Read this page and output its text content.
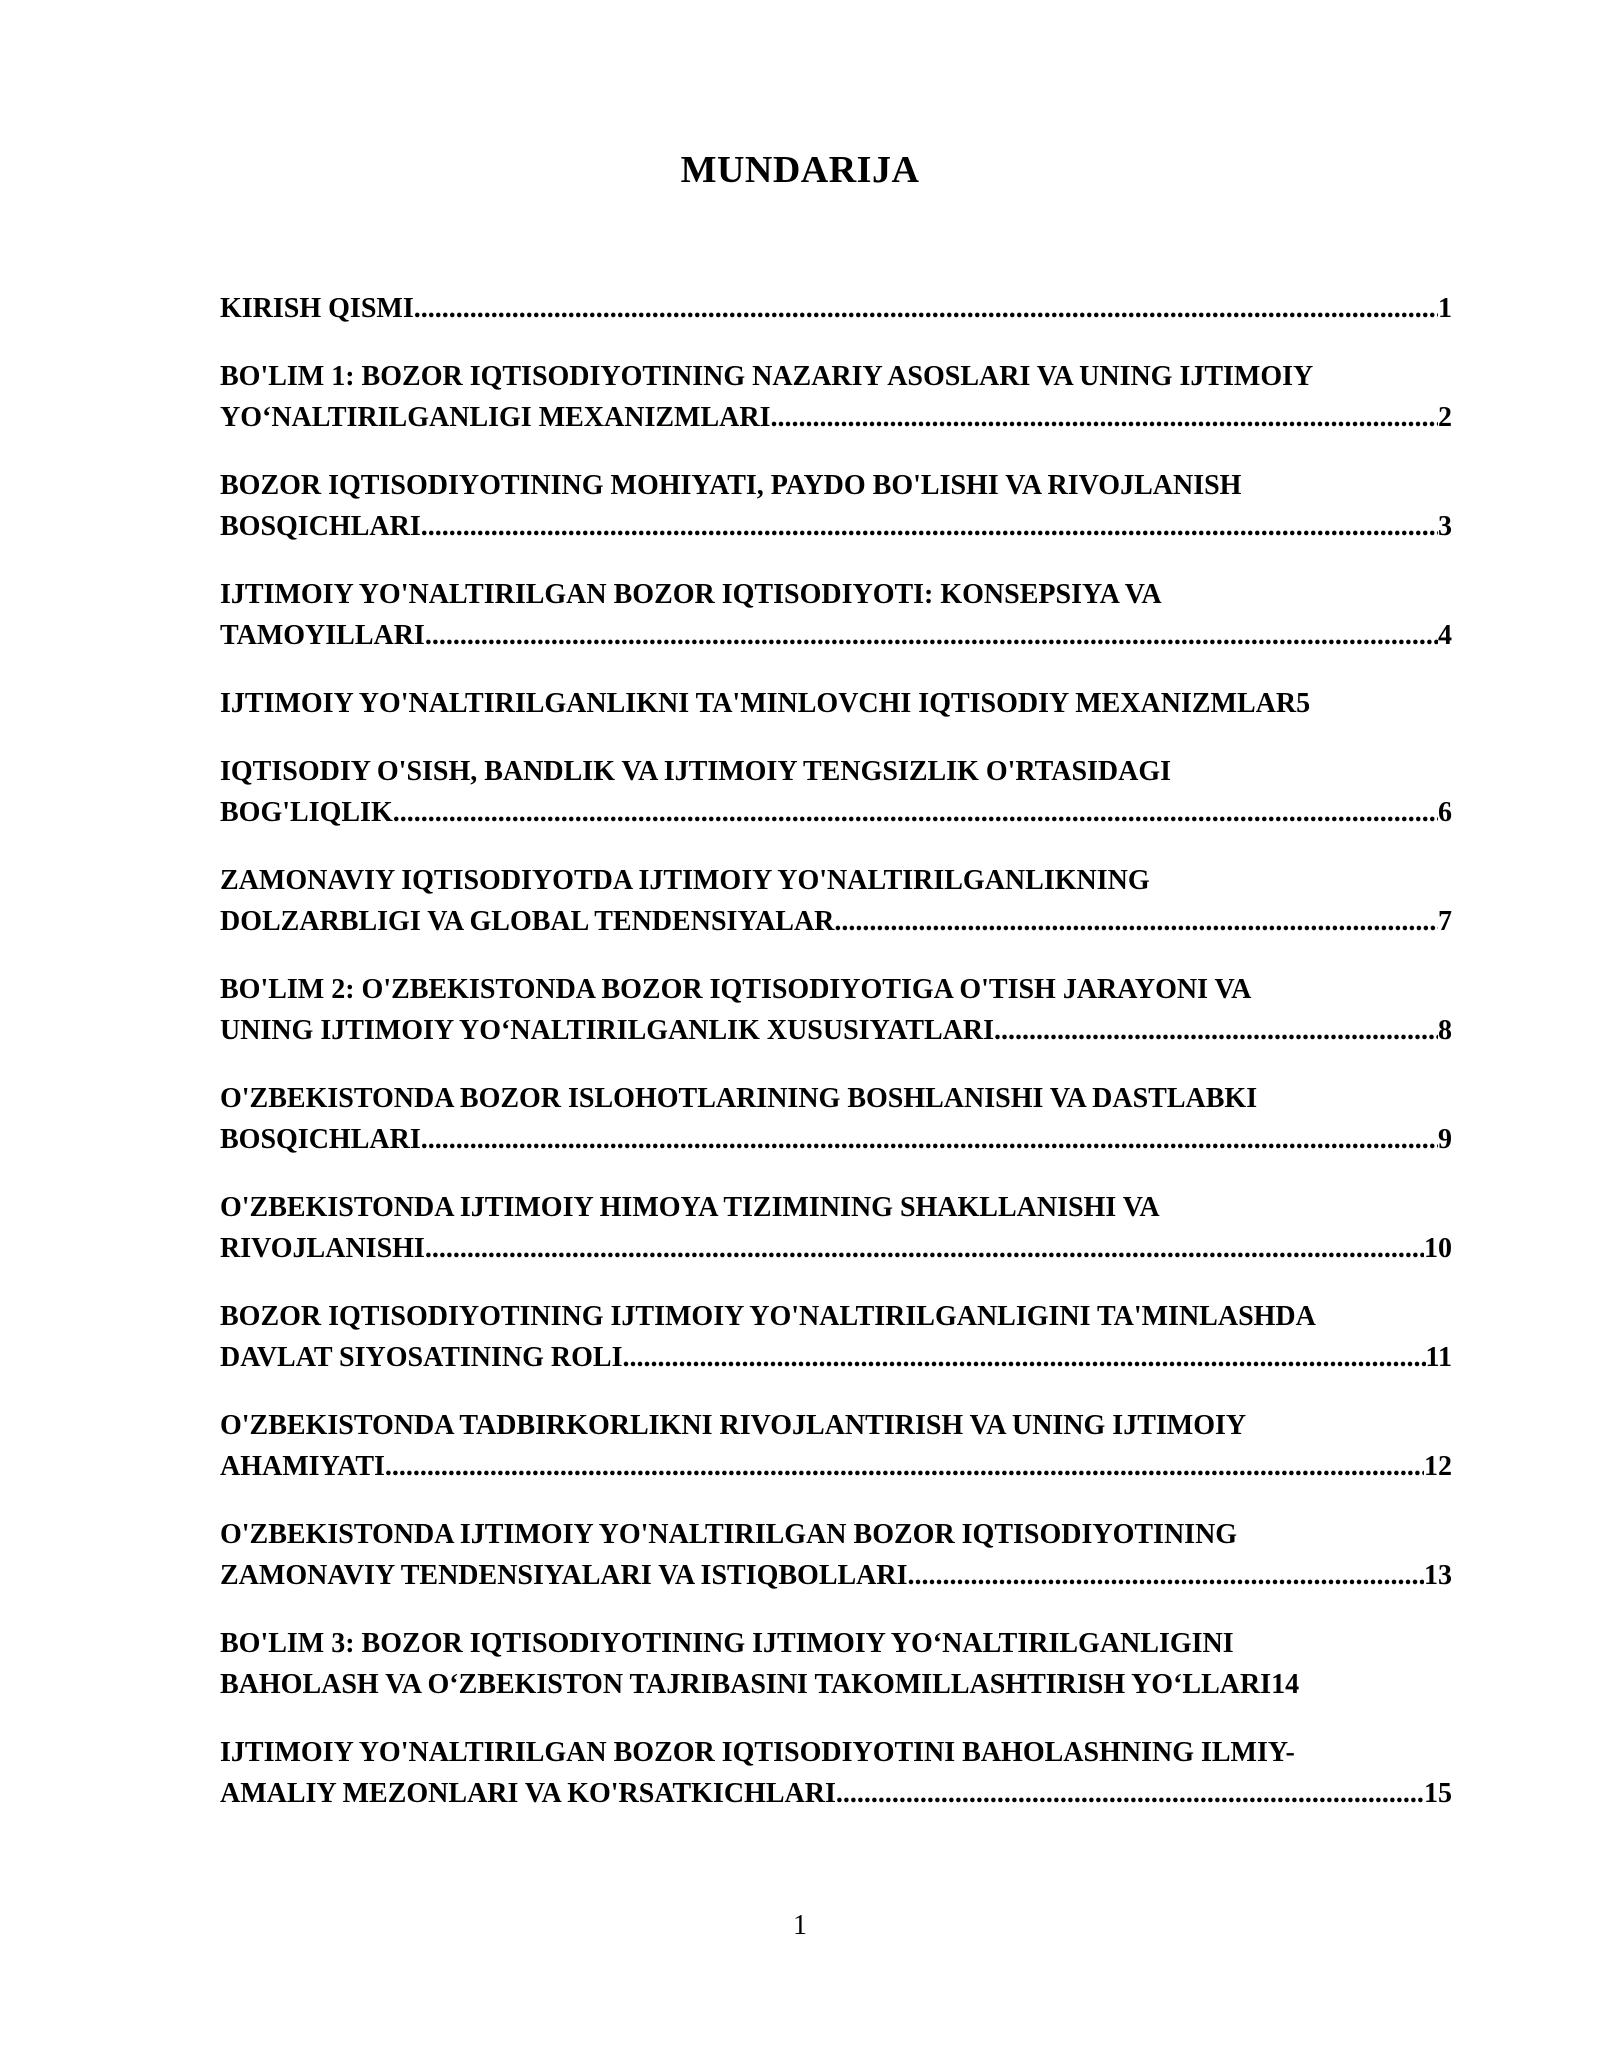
MUNDARIJA
KIRISH QISMI .....	1
BO'LIM 1: BOZOR IQTISODIYOTINING NAZARIY ASOSLARI VA UNING IJTIMOIY
YO‘NALTIRILGANLIGI MEXANIZMLARI .....	2
BOZOR IQTISODIYOTINING MOHIYATI, PAYDO BO'LISHI VA RIVOJLANISH
BOSQICHLARI .....	3
IJTIMOIY YO'NALTIRILGAN BOZOR IQTISODIYOTI: KONSEPSIYA VA
TAMOYILLARI .....	4
IJTIMOIY YO'NALTIRILGANLIKNI TA'MINLOVCHI IQTISODIY MEXANIZMLAR 5
IQTISODIY O'SISH, BANDLIK VA IJTIMOIY TENGSIZLIK O'RTASIDAGI
BOG'LIQLIK .....	6
ZAMONAVIY IQTISODIYOTDA IJTIMOIY YO'NALTIRILGANLIKNING
DOLZARBLIGI VA GLOBAL TENDENSIYALAR .....	7
BO'LIM 2: O'ZBEKISTONDA BOZOR IQTISODIYOTIGA O'TISH JARAYONI VA
UNING IJTIMOIY YO‘NALTIRILGANLIK XUSUSIYATLARI .....	8
O'ZBEKISTONDA BOZOR ISLOHOTLARINING BOSHLANISHI VA DASTLABKI
BOSQICHLARI .....	9
O'ZBEKISTONDA IJTIMOIY HIMOYA TIZIMINING SHAKLLANISHI VA
RIVOJLANISHI .....	10
BOZOR IQTISODIYOTINING IJTIMOIY YO'NALTIRILGANLIGINI TA'MINLASHDA
DAVLAT SIYOSATINING ROLI .....	11
O'ZBEKISTONDA TADBIRKORLIKNI RIVOJLANTIRISH VA UNING IJTIMOIY
AHAMIYATI .....	12
O'ZBEKISTONDA IJTIMOIY YO'NALTIRILGAN BOZOR IQTISODIYOTINING
ZAMONAVIY TENDENSIYALARI VA ISTIQBOLLARI .....	13
BO'LIM 3: BOZOR IQTISODIYOTINING IJTIMOIY YO‘NALTIRILGANLIGINI
BAHOLASH VA O‘ZBEKISTON TAJRIBASINI TAKOMILLASHTIRISH YO‘LLARI 14
IJTIMOIY YO'NALTIRILGAN BOZOR IQTISODIYOTINI BAHOLASHNING ILMIY-
AMALIY MEZONLARI VA KO'RSATKICHLARI .....	15
1
